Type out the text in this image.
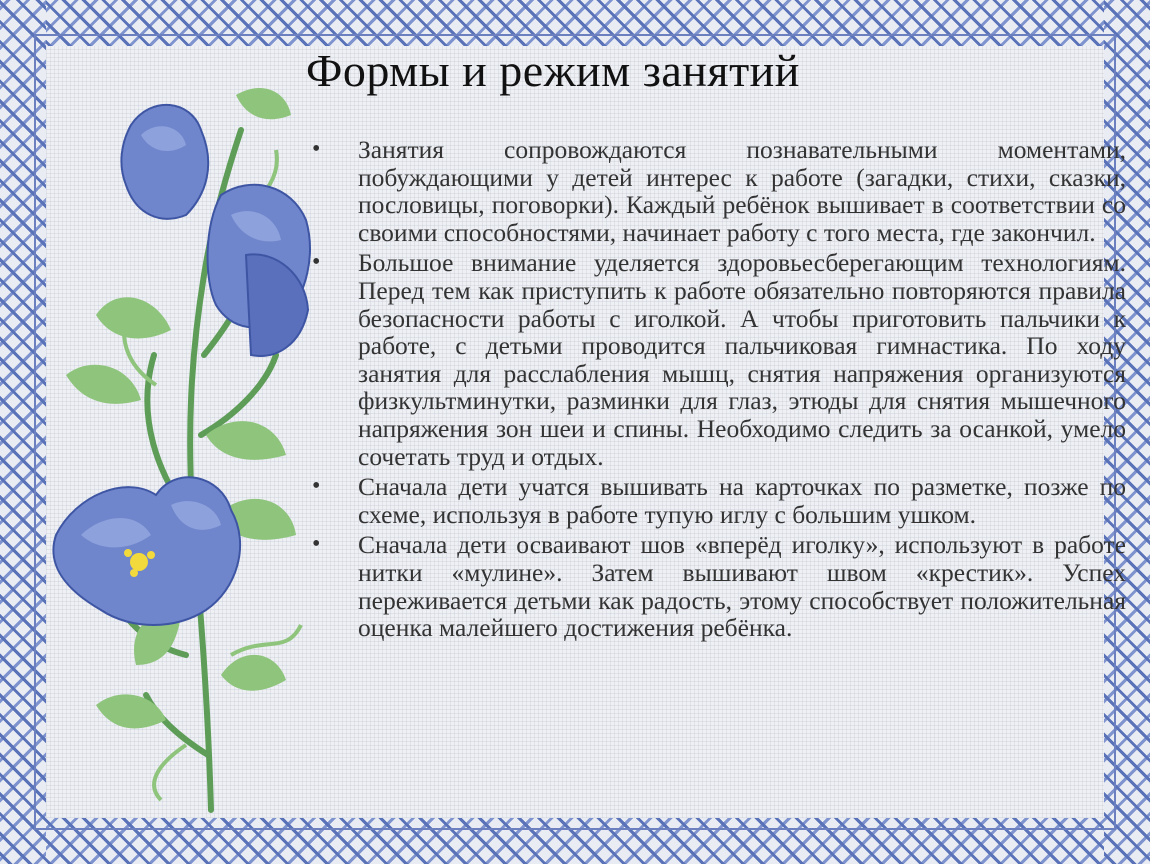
Формы и режим занятий
• Занятия сопровождаются познавательными моментами, побуждающими у детей интерес к работе (загадки, стихи, сказки, пословицы, поговорки). Каждый ребёнок вышивает в соответствии со своими способностями, начинает работу с того места, где закончил.
• Большое внимание уделяется здоровьесберегающим технологиям. Перед тем как приступить к работе обязательно повторяются правила безопасности работы с иголкой. А чтобы приготовить пальчики к работе, с детьми проводится пальчиковая гимнастика. По ходу занятия для расслабления мышц, снятия напряжения организуются физкультминутки, разминки для глаз, этюды для снятия мышечного напряжения зон шеи и спины. Необходимо следить за осанкой, умело сочетать труд и отдых.
• Сначала дети учатся вышивать на карточках по разметке, позже по схеме, используя в работе тупую иглу с большим ушком.
• Сначала дети осваивают шов «вперёд иголку», используют в работе нитки «мулине». Затем вышивают швом «крестик». Успех переживается детьми как радость, этому способствует положительная оценка малейшего достижения ребёнка.
